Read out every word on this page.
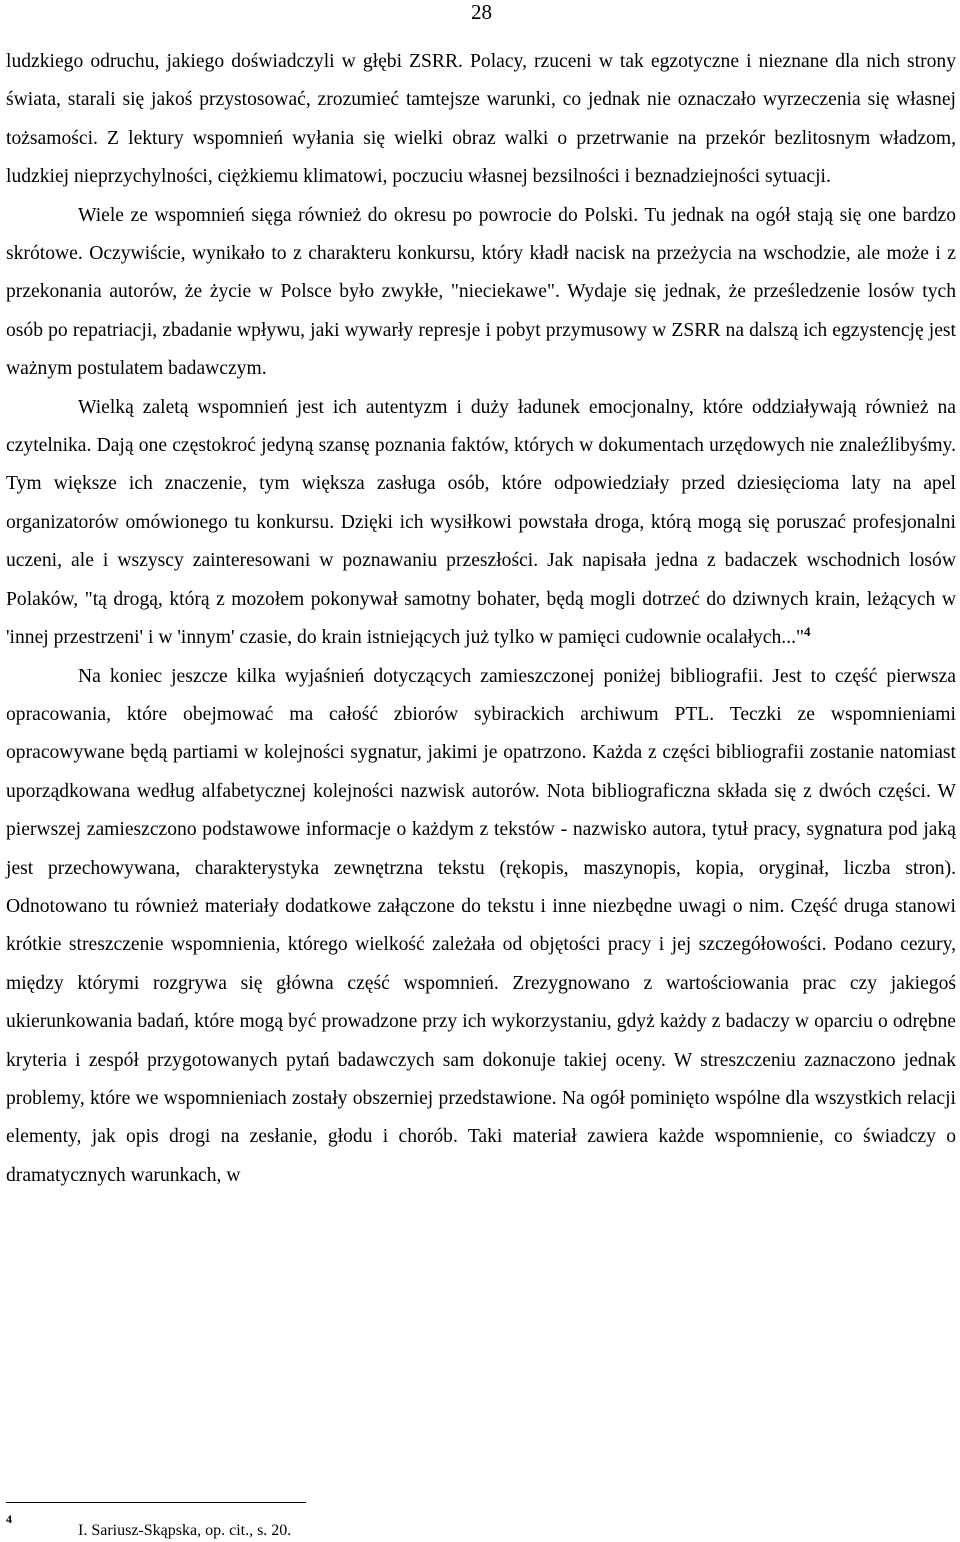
28

ludzkiego odruchu, jakiego doświadczyli w głębi ZSRR. Polacy, rzuceni w tak egzotyczne i nieznane dla nich strony świata, starali się jakoś przystosować, zrozumieć tamtejsze warunki, co jednak nie oznaczało wyrzeczenia się własnej tożsamości. Z lektury wspomnień wyłania się wielki obraz walki o przetrwanie na przekór bezlitosnym władzom, ludzkiej nieprzychylności, ciężkiemu klimatowi, poczuciu własnej bezsilności i beznadziejności sytuacji.

Wiele ze wspomnień sięga również do okresu po powrocie do Polski. Tu jednak na ogół stają się one bardzo skrótowe. Oczywiście, wynikało to z charakteru konkursu, który kładł nacisk na przeżycia na wschodzie, ale może i z przekonania autorów, że życie w Polsce było zwykłe, "nieciekawe". Wydaje się jednak, że prześledzenie losów tych osób po repatriacji, zbadanie wpływu, jaki wywarły represje i pobyt przymusowy w ZSRR na dalszą ich egzystencję jest ważnym postulatem badawczym.

Wielką zaletą wspomnień jest ich autentyzm i duży ładunek emocjonalny, które oddziaływają również na czytelnika. Dają one częstokroć jedyną szansę poznania faktów, których w dokumentach urzędowych nie znaleźlibyśmy. Tym większe ich znaczenie, tym większa zasługa osób, które odpowiedziały przed dziesięcioma laty na apel organizatorów omówionego tu konkursu. Dzięki ich wysiłkowi powstała droga, którą mogą się poruszać profesjonalni uczeni, ale i wszyscy zainteresowani w poznawaniu przeszłości. Jak napisała jedna z badaczek wschodnich losów Polaków, "tą drogą, którą z mozołem pokonywał samotny bohater, będą mogli dotrzeć do dziwnych krain, leżących w 'innej przestrzeni' i w 'innym' czasie, do krain istniejących już tylko w pamięci cudownie ocalałych..."$^4$

Na koniec jeszcze kilka wyjaśnień dotyczących zamieszczonej poniżej bibliografii. Jest to część pierwsza opracowania, które obejmować ma całość zbiorów sybirackich archiwum PTL. Teczki ze wspomnieniami opracowywane będą partiami w kolejności sygnatur, jakimi je opatrzono. Każda z części bibliografii zostanie natomiast uporządkowana według alfabetycznej kolejności nazwisk autorów. Nota bibliograficzna składa się z dwóch części. W pierwszej zamieszczono podstawowe informacje o każdym z tekstów - nazwisko autora, tytuł pracy, sygnatura pod jaką jest przechowywana, charakterystyka zewnętrzna tekstu (rękopis, maszynopis, kopia, oryginał, liczba stron). Odnotowano tu również materiały dodatkowe załączone do tekstu i inne niezbędne uwagi o nim. Część druga stanowi krótkie streszczenie wspomnienia, którego wielkość zależała od objętości pracy i jej szczegółowości. Podano cezury, między którymi rozgrywa się główna część wspomnień. Zrezygnowano z wartościowania prac czy jakiegoś ukierunkowania badań, które mogą być prowadzone przy ich wykorzystaniu, gdyż każdy z badaczy w oparciu o odrębne kryteria i zespół przygotowanych pytań badawczych sam dokonuje takiej oceny. W streszczeniu zaznaczono jednak problemy, które we wspomnieniach zostały obszerniej przedstawione. Na ogół pominięto wspólne dla wszystkich relacji elementy, jak opis drogi na zesłanie, głodu i chorób. Taki materiał zawiera każde wspomnienie, co świadczy o dramatycznych warunkach, w

4
I. Sariusz-Skąpska, op. cit., s. 20.
